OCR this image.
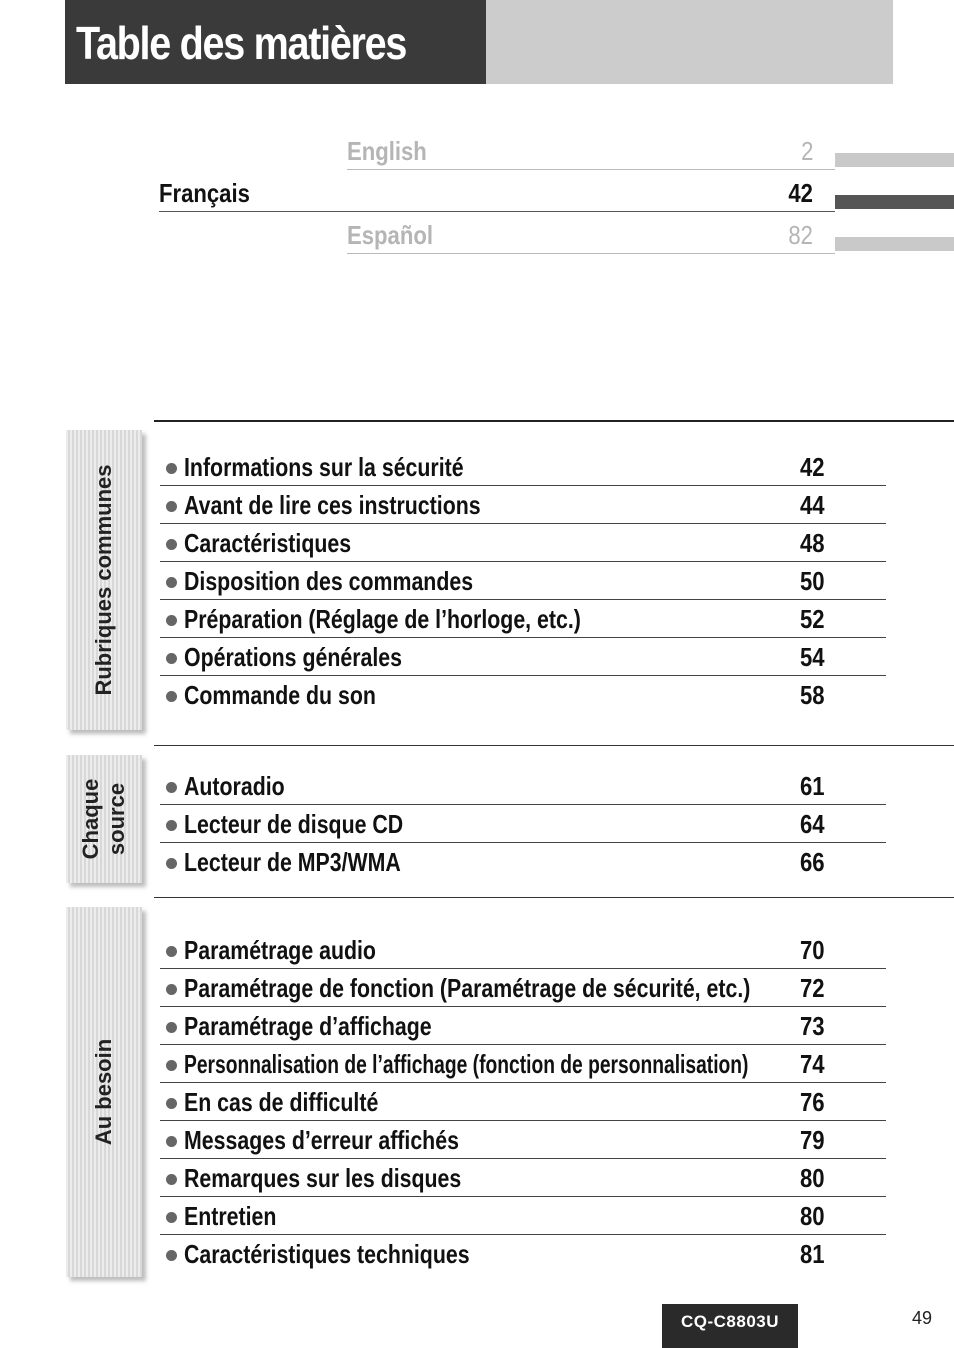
Table des matières
English	2
Français	42
Español	82
Rubriques communes	Informations sur la sécurité	42
Avant de lire ces instructions	44
Caractéristiques	48
Disposition des commandes	50
Préparation (Réglage de l’horloge, etc.)	52
Opérations générales	54
Commande du son	58
Chaque source Autoradio	61
Lecteur de disque CD	64
Lecteur de MP3/WMA	66
Au besoin
Paramétrage audio	70
Paramétrage de fonction (Paramétrage de sécurité, etc.) 72
Paramétrage d’affichage	73
Personnalisation de l’affichage (fonction de personnalisation) 74
En cas de difficulté	76
Messages d’erreur affichés	79
Remarques sur les disques	80
Entretien	80
Caractéristiques techniques	81
CQ-C8803U	49
